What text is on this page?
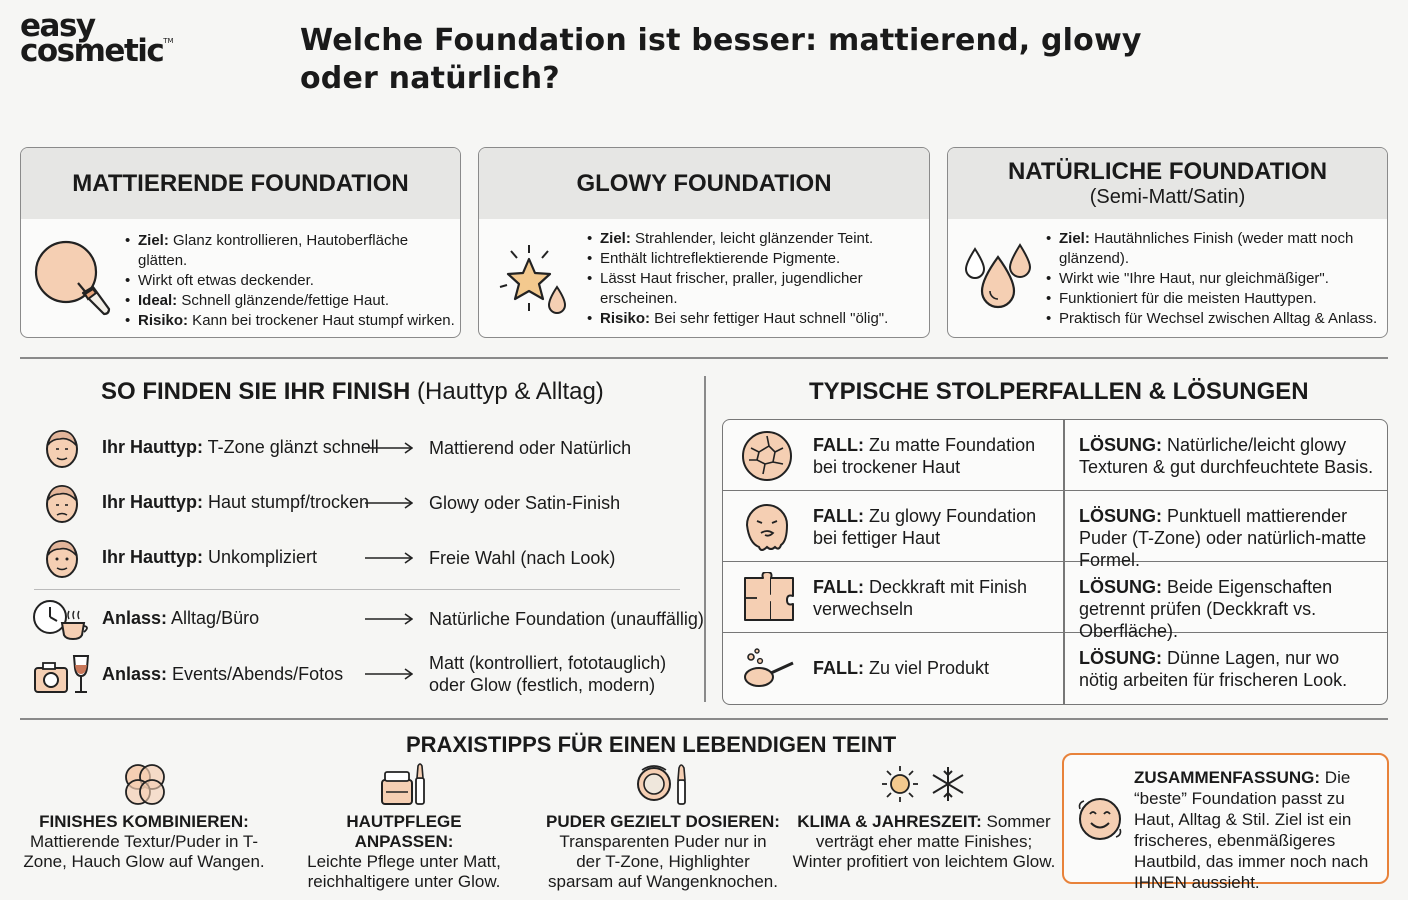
easy
cosmetic™	Welche Foundation ist besser: mattierend, glowy oder natürlich?
MATTIERENDE FOUNDATION
• Ziel: Glanz kontrollieren, Hautoberfläche glätten.
• Wirkt oft etwas deckender.
• Ideal: Schnell glänzende/fettige Haut.
• Risiko: Kann bei trockener Haut stumpf wirken.
GLOWY FOUNDATION
• Ziel: Strahlender, leicht glänzender Teint.
• Enthält lichtreflektierende Pigmente.
• Lässt Haut frischer, praller, jugendlicher erscheinen.
• Risiko: Bei sehr fettiger Haut schnell "ölig".
NATÜRLICHE FOUNDATION
(Semi-Matt/Satin)
• Ziel: Hautähnliches Finish (weder matt noch glänzend).
• Wirkt wie "Ihre Haut, nur gleichmäßiger".
• Funktioniert für die meisten Hauttypen.
• Praktisch für Wechsel zwischen Alltag & Anlass.
SO FINDEN SIE IHR FINISH (Hauttyp & Alltag)
Ihr Hauttyp: T-Zone glänzt schnell
Ihr Hauttyp: Haut stumpf/trocken
Ihr Hauttyp: Unkompliziert
Anlass: Alltag/Büro
Anlass: Events/Abends/Fotos
Mattierend oder Natürlich
Glowy oder Satin-Finish
Freie Wahl (nach Look)
Natürliche Foundation (unauffällig)
Matt (kontrolliert, fototauglich)
oder Glow (festlich, modern)
TYPISCHE STOLPERFALLEN & LÖSUNGEN
FALL: Zu matte Foundation bei trockener Haut
LÖSUNG: Natürliche/leicht glowy Texturen & gut durchfeuchtete Basis.
FALL: Zu glowy Foundation bei fettiger Haut
LÖSUNG: Punktuell mattierender Puder (T-Zone) oder natürlich-matte Formel.
FALL: Deckkraft mit Finish verwechseln
LÖSUNG: Beide Eigenschaften getrennt prüfen (Deckkraft vs. Oberfläche).
FALL: Zu viel Produkt	LÖSUNG: Dünne Lagen, nur wo nötig arbeiten für frischeren Look.
PRAXISTIPPS FÜR EINEN LEBENDIGEN TEINT
FINISHES KOMBINIEREN:
Mattierende Textur/Puder in T-Zone, Hauch Glow auf Wangen.
HAUTPFLEGE ANPASSEN:
Leichte Pflege unter Matt, reichhaltigere unter Glow.
PUDER GEZIELT DOSIEREN:
Transparenten Puder nur in der T-Zone, Highlighter sparsam auf Wangenknochen.
KLIMA & JAHRESZEIT: Sommer verträgt eher matte Finishes; Winter profitiert von leichtem Glow.
ZUSAMMENFASSUNG: Die “beste” Foundation passt zu Haut, Alltag & Stil. Ziel ist ein frischeres, ebenmäßigeres Hautbild, das immer noch nach IHNEN aussieht.
